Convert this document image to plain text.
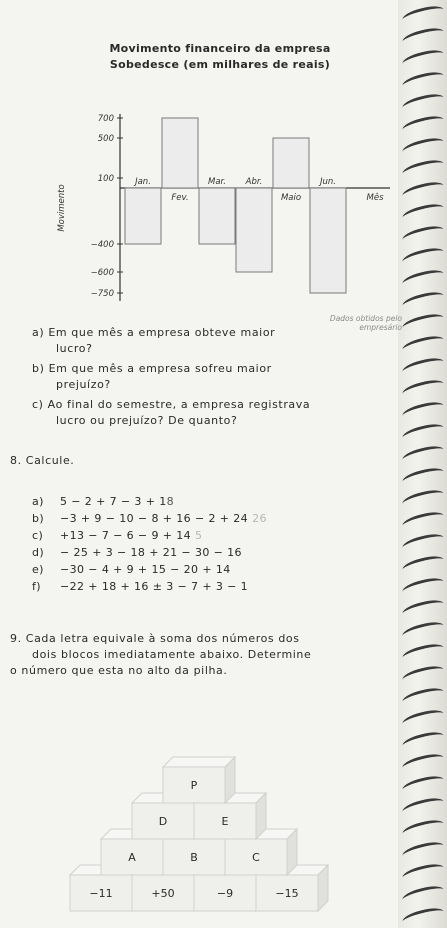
Movimento financeiro da empresa
Sobedesce (em milhares de reais)
700
500
100
−400
−600
−750
Jan.
Fev.
Mar. Abr.
Maio
Jun.
Mês
Movimento
Dados obtidos pelo empresário
a) Em que mês a empresa obteve maior
lucro?
b) Em que mês a empresa sofreu maior
prejuízo?
c) Ao final do semestre, a empresa registrava
lucro ou prejuízo? De quanto?
8. Calcule.
a) 5 − 2 + 7 − 3 + 18
b) −3 + 9 − 10 − 8 + 16 − 2 + 24 26
c) +13 − 7 − 6 − 9 + 14 5
d) − 25 + 3 − 18 + 21 − 30 − 16
e) −30 − 4 + 9 + 15 − 20 + 14
f) −22 + 18 + 16 ± 3 − 7 + 3 − 1
9. Cada letra equivale à soma dos números dos
dois blocos imediatamente abaixo. Determine
o número que esta no alto da pilha.
−11	+50	−9	−15
A	B	C
D	E
P
